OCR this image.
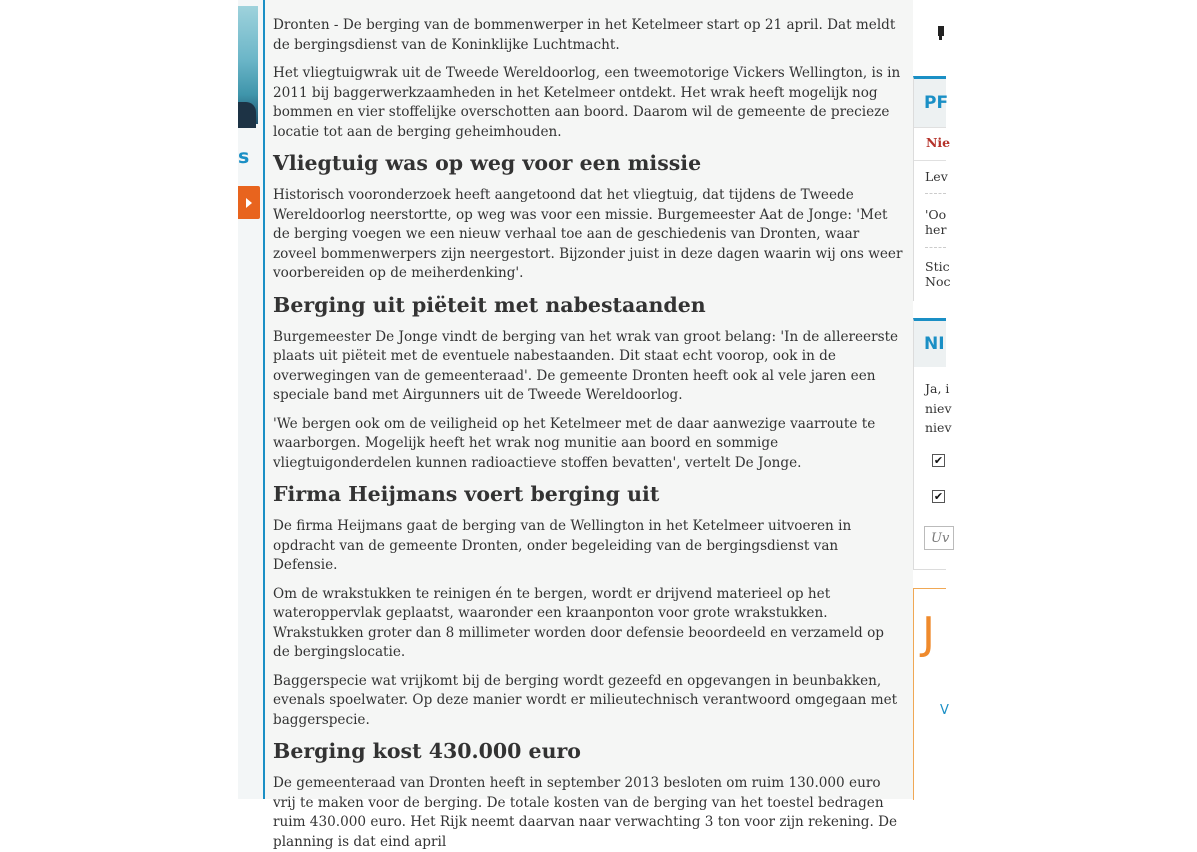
s

Dronten - De berging van de bommenwerper in het Ketelmeer start op 21 april. Dat meldt de bergingsdienst van de Koninklijke Luchtmacht.

Het vliegtuigwrak uit de Tweede Wereldoorlog, een tweemotorige Vickers Wellington, is in 2011 bij baggerwerkzaamheden in het Ketelmeer ontdekt. Het wrak heeft mogelijk nog bommen en vier stoffelijke overschotten aan boord. Daarom wil de gemeente de precieze locatie tot aan de berging geheimhouden.

Vliegtuig was op weg voor een missie

Historisch vooronderzoek heeft aangetoond dat het vliegtuig, dat tijdens de Tweede Wereldoorlog neerstortte, op weg was voor een missie. Burgemeester Aat de Jonge: 'Met de berging voegen we een nieuw verhaal toe aan de geschiedenis van Dronten, waar zoveel bommenwerpers zijn neergestort. Bijzonder juist in deze dagen waarin wij ons weer voorbereiden op de meiherdenking'.

Berging uit piëteit met nabestaanden

Burgemeester De Jonge vindt de berging van het wrak van groot belang: 'In de allereerste plaats uit piëteit met de eventuele nabestaanden. Dit staat echt voorop, ook in de overwegingen van de gemeenteraad'. De gemeente Dronten heeft ook al vele jaren een speciale band met Airgunners uit de Tweede Wereldoorlog.

'We bergen ook om de veiligheid op het Ketelmeer met de daar aanwezige vaarroute te waarborgen. Mogelijk heeft het wrak nog munitie aan boord en sommige vliegtuigonderdelen kunnen radioactieve stoffen bevatten', vertelt De Jonge.

Firma Heijmans voert berging uit

De firma Heijmans gaat de berging van de Wellington in het Ketelmeer uitvoeren in opdracht van de gemeente Dronten, onder begeleiding van de bergingsdienst van Defensie.

Om de wrakstukken te reinigen én te bergen, wordt er drijvend materieel op het wateroppervlak geplaatst, waaronder een kraanponton voor grote wrakstukken. Wrakstukken groter dan 8 millimeter worden door defensie beoordeeld en verzameld op de bergingslocatie.

Baggerspecie wat vrijkomt bij de berging wordt gezeefd en opgevangen in beunbakken, evenals spoelwater. Op deze manier wordt er milieutechnisch verantwoord omgegaan met baggerspecie.

Berging kost 430.000 euro

De gemeenteraad van Dronten heeft in september 2013 besloten om ruim 130.000 euro vrij te maken voor de berging. De totale kosten van de berging van het toestel bedragen ruim 430.000 euro. Het Rijk neemt daarvan naar verwachting 3 ton voor zijn rekening. De planning is dat eind april

PF
Nie
Lev
'Oo
her
Stic
Noc
NI
Ja, i
niev
niev
✔
✔
Uv
J
V
